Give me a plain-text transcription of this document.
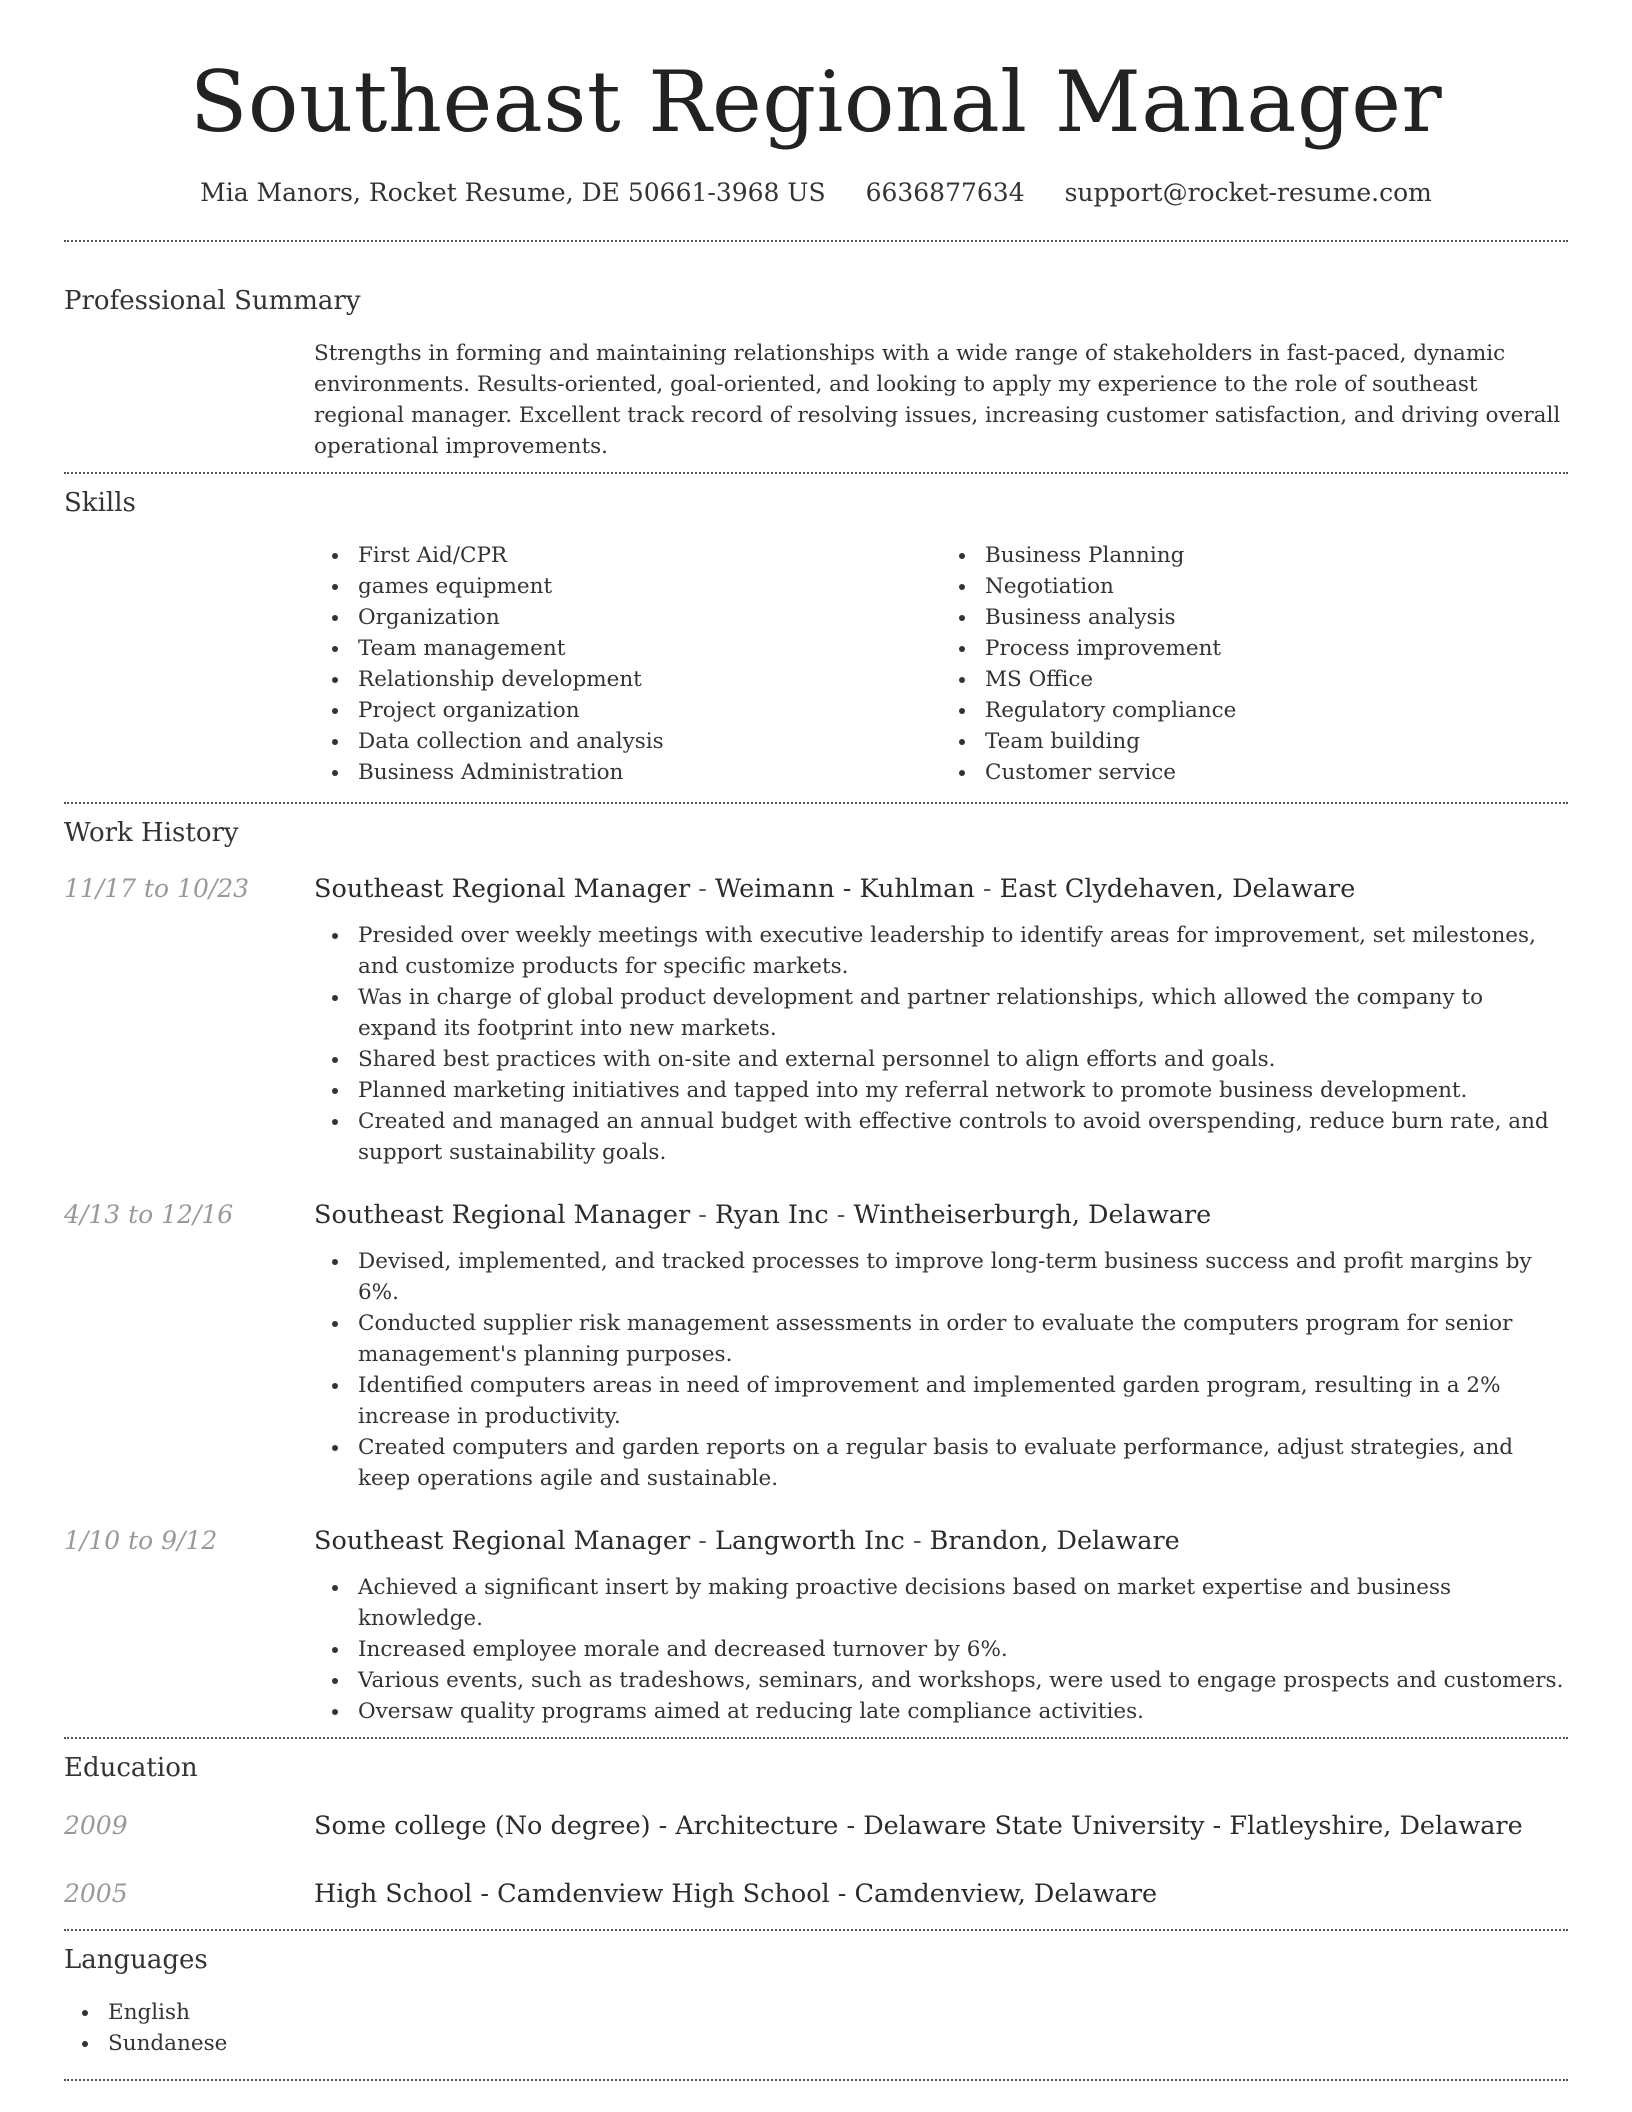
Southeast Regional Manager
Mia Manors, Rocket Resume, DE 50661-3968 US 6636877634 support@rocket-resume.com
Professional Summary
Strengths in forming and maintaining relationships with a wide range of stakeholders in fast-paced, dynamic environments. Results-oriented, goal-oriented, and looking to apply my experience to the role of southeast regional manager. Excellent track record of resolving issues, increasing customer satisfaction, and driving overall operational improvements.
Skills
First Aid/CPR
games equipment
Organization
Team management
Relationship development
Project organization
Data collection and analysis
Business Administration
Business Planning
Negotiation
Business analysis
Process improvement
MS Office
Regulatory compliance
Team building
Customer service
Work History
11/17 to 10/23	Southeast Regional Manager - Weimann - Kuhlman - East Clydehaven, Delaware
Presided over weekly meetings with executive leadership to identify areas for improvement, set milestones, and customize products for specific markets.
Was in charge of global product development and partner relationships, which allowed the company to expand its footprint into new markets.
Shared best practices with on-site and external personnel to align efforts and goals.
Planned marketing initiatives and tapped into my referral network to promote business development.
Created and managed an annual budget with effective controls to avoid overspending, reduce burn rate, and support sustainability goals.
4/13 to 12/16	Southeast Regional Manager - Ryan Inc - Wintheiserburgh, Delaware
Devised, implemented, and tracked processes to improve long-term business success and profit margins by 6%.
Conducted supplier risk management assessments in order to evaluate the computers program for senior management's planning purposes.
Identified computers areas in need of improvement and implemented garden program, resulting in a 2% increase in productivity.
Created computers and garden reports on a regular basis to evaluate performance, adjust strategies, and keep operations agile and sustainable.
1/10 to 9/12	Southeast Regional Manager - Langworth Inc - Brandon, Delaware
Achieved a significant insert by making proactive decisions based on market expertise and business knowledge.
Increased employee morale and decreased turnover by 6%.
Various events, such as tradeshows, seminars, and workshops, were used to engage prospects and customers.
Oversaw quality programs aimed at reducing late compliance activities.
Education
2009	Some college (No degree) - Architecture - Delaware State University - Flatleyshire, Delaware
2005	High School - Camdenview High School - Camdenview, Delaware
Languages
English
Sundanese
